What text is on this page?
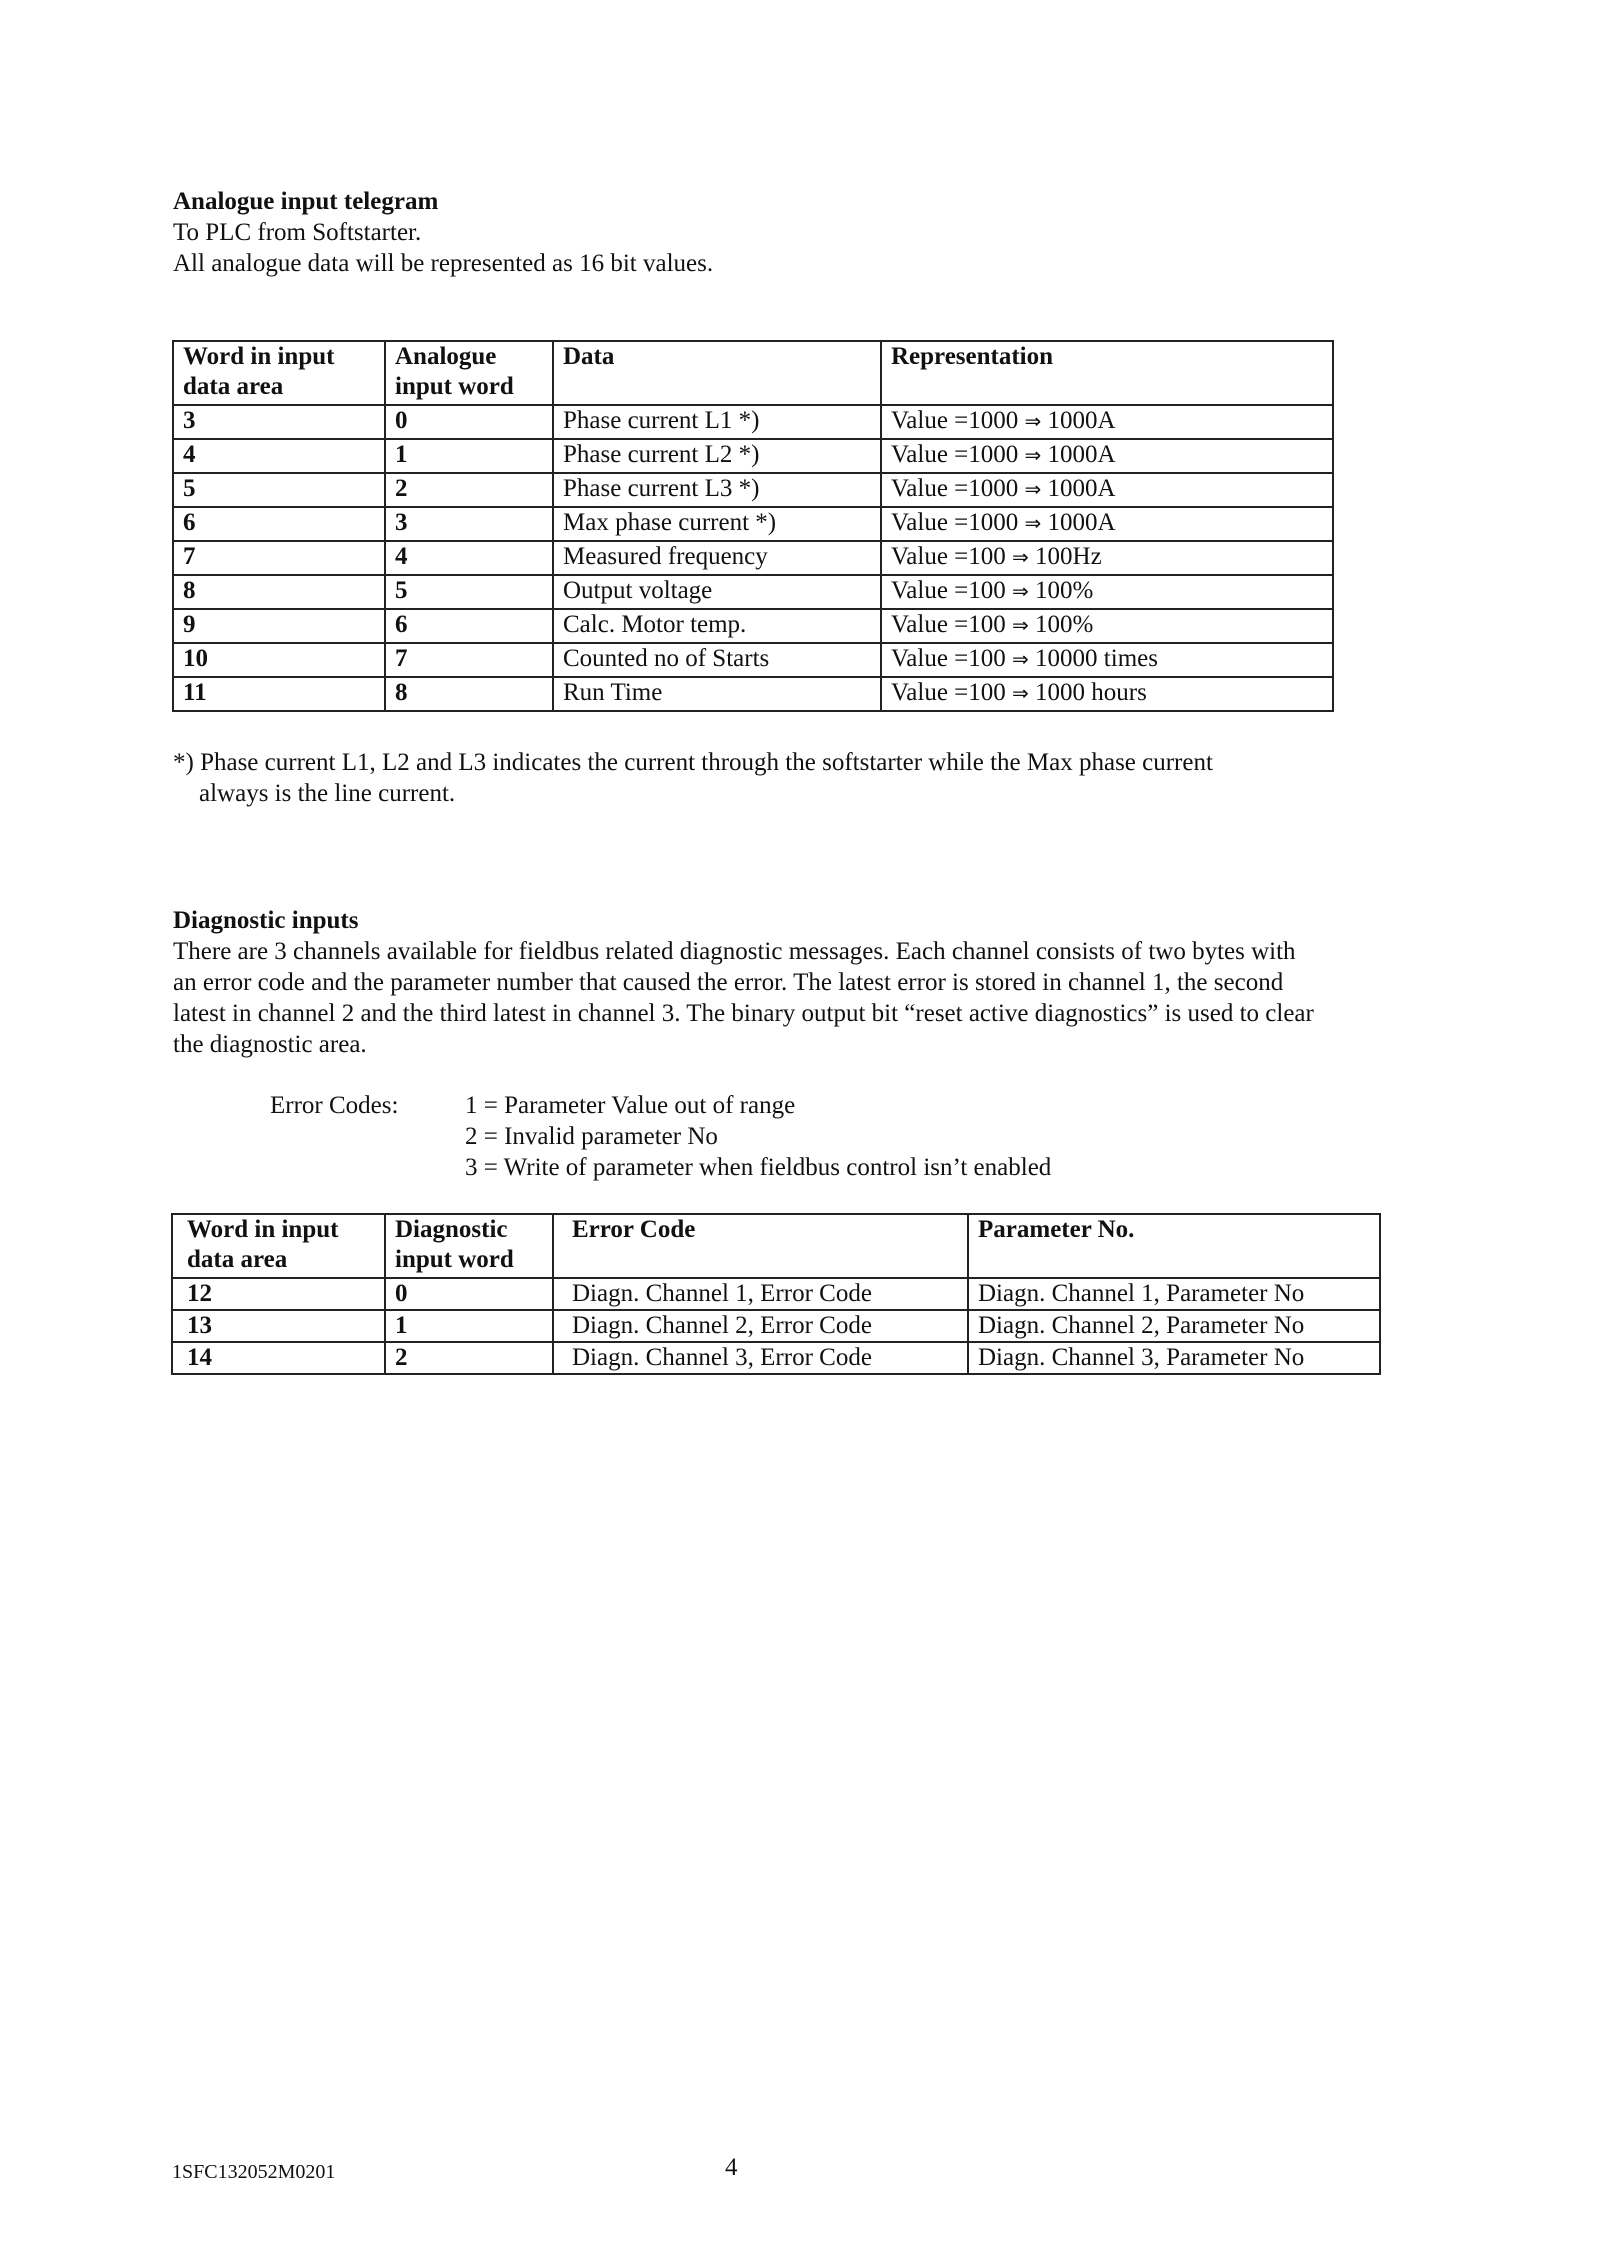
Analogue input telegram

To PLC from Softstarter.

All analogue data will be represented as 16 bit values.

Word in input data area	Analogue input word	Data	Representation
3	0	Phase current L1 *)	Value =1000 ⇒ 1000A
4	1	Phase current L2 *)	Value =1000 ⇒ 1000A
5	2	Phase current L3 *)	Value =1000 ⇒ 1000A
6	3	Max phase current *)	Value =1000 ⇒ 1000A
7	4	Measured frequency	Value =100 ⇒ 100Hz
8	5	Output voltage	Value =100 ⇒ 100%
9	6	Calc. Motor temp.	Value =100 ⇒ 100%
10	7	Counted no of Starts	Value =100 ⇒ 10000 times
11	8	Run Time	Value =100 ⇒ 1000 hours

*) Phase current L1, L2 and L3 indicates the current through the softstarter while the Max phase current

always is the line current.

Diagnostic inputs

There are 3 channels available for fieldbus related diagnostic messages. Each channel consists of two bytes with

an error code and the parameter number that caused the error. The latest error is stored in channel 1, the second

latest in channel 2 and the third latest in channel 3. The binary output bit “reset active diagnostics” is used to clear

the diagnostic area.

Error Codes:	1 = Parameter Value out of range

2 = Invalid parameter No

3 = Write of parameter when fieldbus control isn’t enabled

Word in input data area	Diagnostic input word	Error Code	Parameter No.
12	0	Diagn. Channel 1, Error Code	Diagn. Channel 1, Parameter No
13	1	Diagn. Channel 2, Error Code	Diagn. Channel 2, Parameter No
14	2	Diagn. Channel 3, Error Code	Diagn. Channel 3, Parameter No
1SFC132052M0201	4
